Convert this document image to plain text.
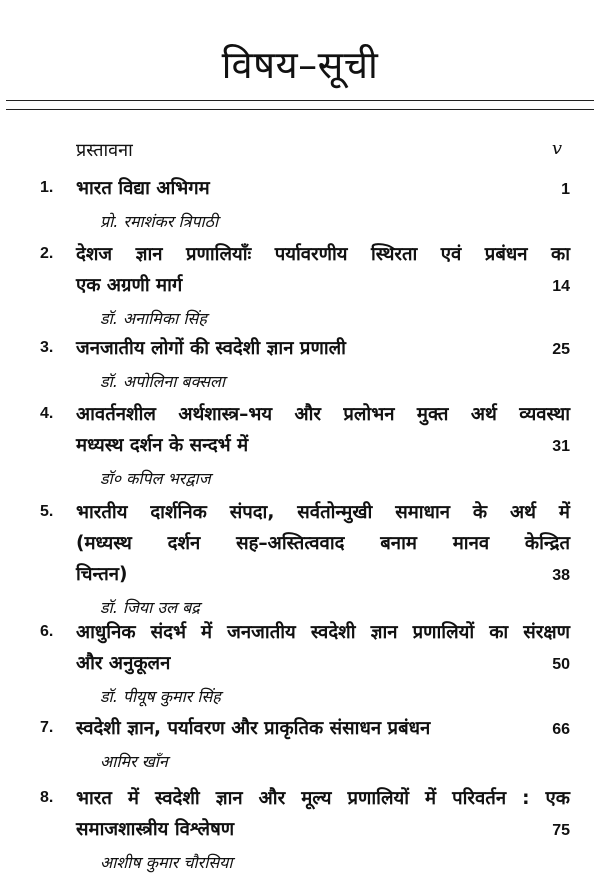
विषय–सूची
प्रस्तावना	v
1. भारत विद्या अभिगम	1
प्रो. रमाशंकर त्रिपाठी
2. देशज ज्ञान प्रणालियाँः पर्यावरणीय स्थिरता एवं प्रबंधन का
एक अग्रणी मार्ग	14
डॉ. अनामिका सिंह
3. जनजातीय लोगों की स्वदेशी ज्ञान प्रणाली	25
डॉ. अपोलिना बक्सला
4. आवर्तनशील अर्थशास्त्र–भय और प्रलोभन मुक्त अर्थ व्यवस्था
मध्यस्थ दर्शन के सन्दर्भ में	31
डॉ० कपिल भरद्वाज
5. भारतीय दार्शनिक संपदा, सर्वतोन्मुखी समाधान के अर्थ में
(मध्यस्थ दर्शन सह–अस्तित्ववाद बनाम मानव केन्द्रित
चिन्तन)	38
डॉ. जिया उल बद्र
6. आधुनिक संदर्भ में जनजातीय स्वदेशी ज्ञान प्रणालियों का संरक्षण
और अनुकूलन	50
डॉ. पीयूष कुमार सिंह
7. स्वदेशी ज्ञान, पर्यावरण और प्राकृतिक संसाधन प्रबंधन	66
आमिर खाँन
8. भारत में स्वदेशी ज्ञान और मूल्य प्रणालियों में परिवर्तन : एक
समाजशास्त्रीय विश्लेषण	75
आशीष कुमार चौरसिया
